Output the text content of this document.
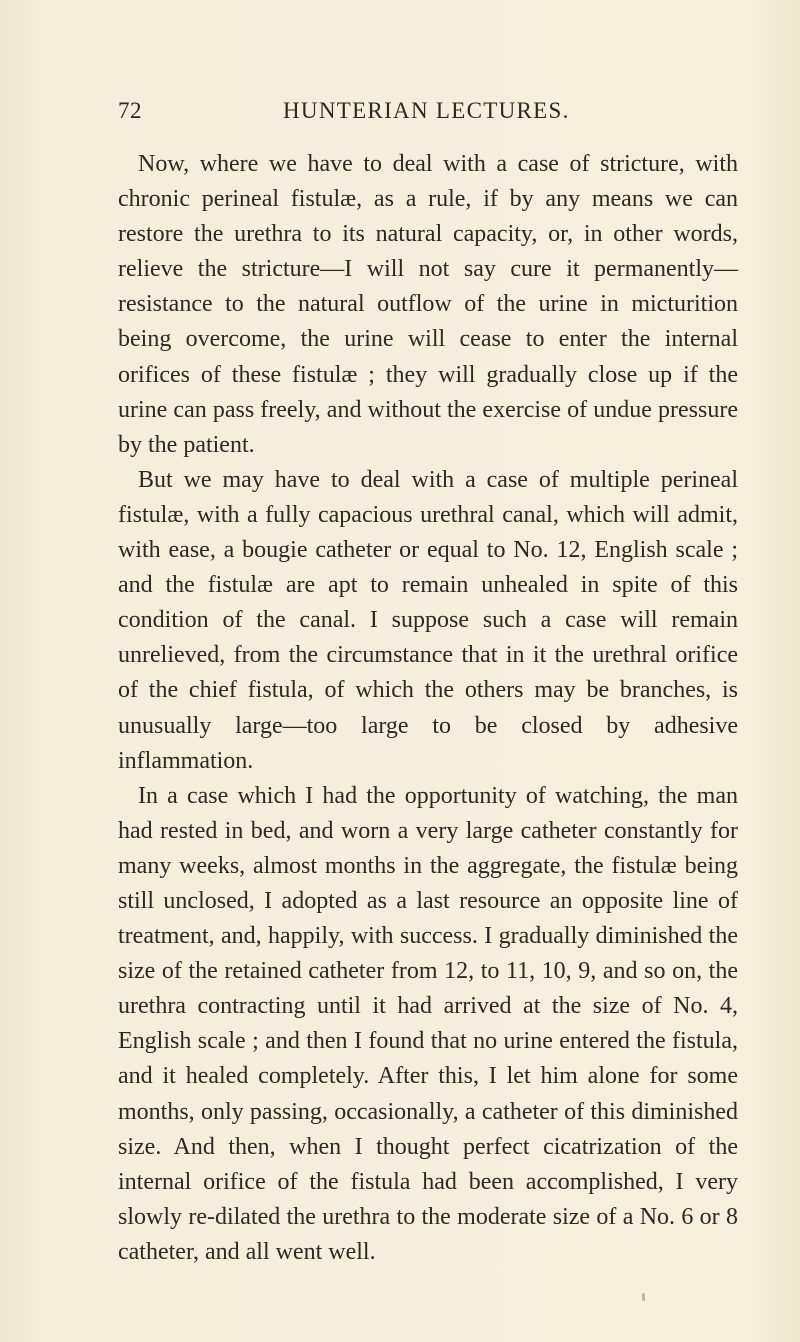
72	HUNTERIAN LECTURES.

Now, where we have to deal with a case of stricture, with chronic perineal fistulæ, as a rule, if by any means we can restore the urethra to its natural capacity, or, in other words, relieve the stricture—I will not say cure it permanently—resistance to the natural outflow of the urine in micturition being overcome, the urine will cease to enter the internal orifices of these fistulæ ; they will gradually close up if the urine can pass freely, and without the exercise of undue pressure by the patient.

But we may have to deal with a case of multiple perineal fistulæ, with a fully capacious urethral canal, which will admit, with ease, a bougie catheter or equal to No. 12, English scale ; and the fistulæ are apt to remain unhealed in spite of this condition of the canal. I suppose such a case will remain unrelieved, from the circumstance that in it the urethral orifice of the chief fistula, of which the others may be branches, is unusually large—too large to be closed by adhesive inflammation.

In a case which I had the opportunity of watching, the man had rested in bed, and worn a very large catheter constantly for many weeks, almost months in the aggregate, the fistulæ being still unclosed, I adopted as a last resource an opposite line of treatment, and, happily, with success. I gradually diminished the size of the retained catheter from 12, to 11, 10, 9, and so on, the urethra contracting until it had arrived at the size of No. 4, English scale ; and then I found that no urine entered the fistula, and it healed completely. After this, I let him alone for some months, only passing, occasionally, a catheter of this diminished size. And then, when I thought perfect cicatrization of the internal orifice of the fistula had been accomplished, I very slowly re-dilated the urethra to the moderate size of a No. 6 or 8 catheter, and all went well.
